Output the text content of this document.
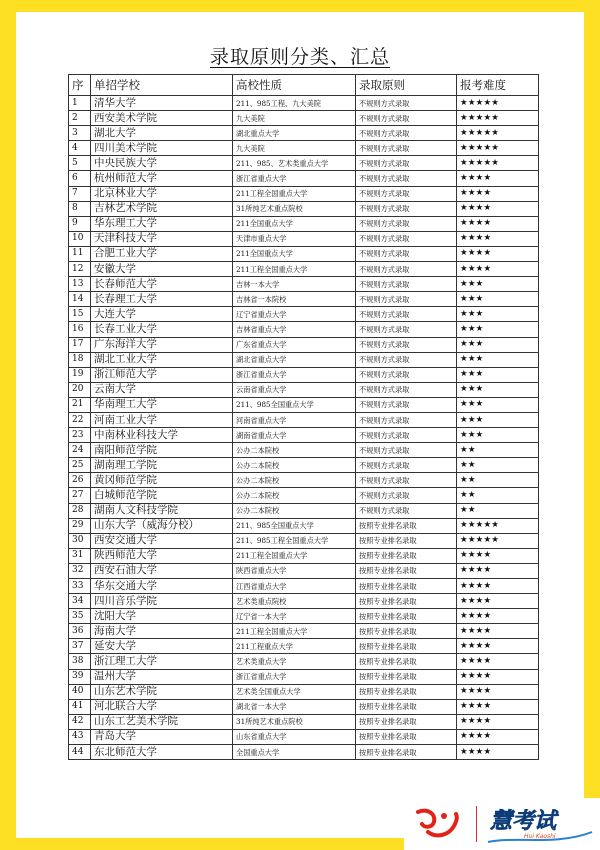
录取原则分类、汇总
序	单招学校	高校性质	录取原则	报考难度
1	清华大学	211、985工程、九大美院	不规则方式录取	★★★★★
2	西安美术学院	九大美院	不规则方式录取	★★★★★
3	湖北大学	湖北重点大学	不规则方式录取	★★★★★
4	四川美术学院	九大美院	不规则方式录取	★★★★★
5	中央民族大学	211、985、艺术类重点大学	不规则方式录取	★★★★★
6	杭州师范大学	浙江省重点大学	不规则方式录取	★★★★
7	北京林业大学	211工程全国重点大学	不规则方式录取	★★★★
8	吉林艺术学院	31所纯艺术重点院校	不规则方式录取	★★★★
9	华东理工大学	211全国重点大学	不规则方式录取	★★★★
10	天津科技大学	天津市重点大学	不规则方式录取	★★★★
11	合肥工业大学	211全国重点大学	不规则方式录取	★★★★
12	安徽大学	211工程全国重点大学	不规则方式录取	★★★★
13	长春师范大学	吉林一本大学	不规则方式录取	★★★
14	长春理工大学	吉林省一本院校	不规则方式录取	★★★
15	大连大学	辽宁省重点大学	不规则方式录取	★★★
16	长春工业大学	吉林省重点大学	不规则方式录取	★★★
17	广东海洋大学	广东省重点大学	不规则方式录取	★★★
18	湖北工业大学	湖北省重点大学	不规则方式录取	★★★
19	浙江师范大学	浙江省重点大学	不规则方式录取	★★★
20	云南大学	云南省重点大学	不规则方式录取	★★★
21	华南理工大学	211、985全国重点大学	不规则方式录取	★★★
22	河南工业大学	河南省重点大学	不规则方式录取	★★★
23	中南林业科技大学	湖南省重点大学	不规则方式录取	★★★
24	南阳师范学院	公办二本院校	不规则方式录取	★★
25	湖南理工学院	公办二本院校	不规则方式录取	★★
26	黄冈师范学院	公办二本院校	不规则方式录取	★★
27	白城师范学院	公办二本院校	不规则方式录取	★★
28	湖南人文科技学院	公办二本院校	不规则方式录取	★★
29	山东大学（威海分校）	211、985全国重点大学	按照专业排名录取	★★★★★
30	西安交通大学	211、985工程全国重点大学	按照专业排名录取	★★★★★
31	陕西师范大学	211工程全国重点大学	按照专业排名录取	★★★★
32	西安石油大学	陕西省重点大学	按照专业排名录取	★★★★
33	华东交通大学	江西省重点大学	按照专业排名录取	★★★★
34	四川音乐学院	艺术类重点院校	按照专业排名录取	★★★★
35	沈阳大学	辽宁省一本大学	按照专业排名录取	★★★★
36	海南大学	211工程全国重点大学	按照专业排名录取	★★★★
37	延安大学	211工程重点大学	按照专业排名录取	★★★★
38	浙江理工大学	艺术类重点大学	按照专业排名录取	★★★★
39	温州大学	浙江省重点大学	按照专业排名录取	★★★★
40	山东艺术学院	艺术类全国重点大学	按照专业排名录取	★★★★
41	河北联合大学	湖北省一本大学	按照专业排名录取	★★★★
42	山东工艺美术学院	31所纯艺术重点院校	按照专业排名录取	★★★★
43	青岛大学	山东省重点大学	按照专业排名录取	★★★★
44	东北师范大学	全国重点大学	按照专业排名录取	★★★★
慧考试
Hui Kaoshi
